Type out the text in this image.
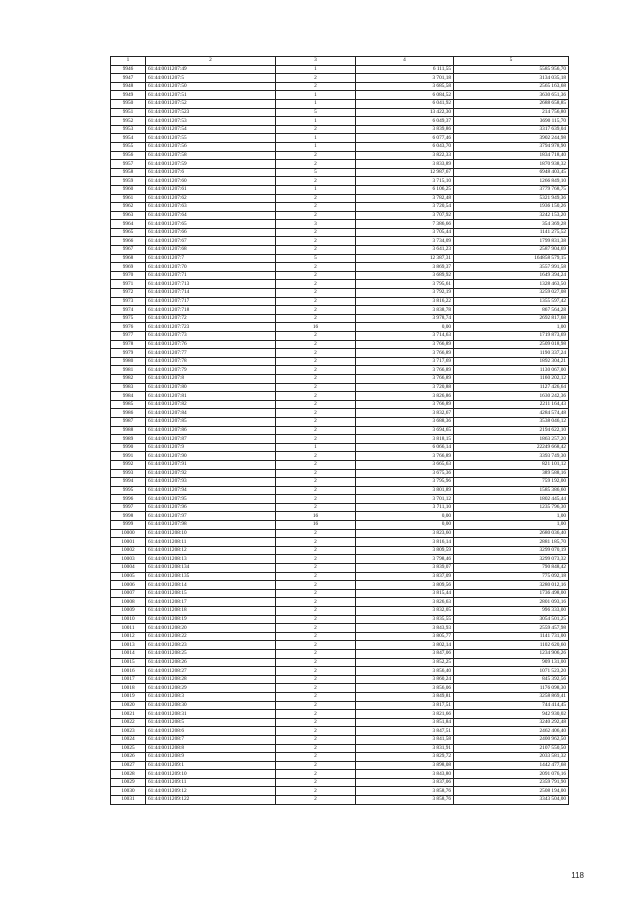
1	2	3	4	5
9946	61:44:0011207:49	1	6 111,55	5585 956,70
9947	61:44:0011207:5	2	3 701,18	3134 035,18
9948	61:44:0011207:50	2	3 685,58	2565 163,68
9949	61:44:0011207:51	1	6 084,52	3630 651,36
9950	61:44:0011207:52	1	6 041,92	2688 658,85
9951	61:44:0011207:523	5	13 422,30	214 756,80
9952	61:44:0011207:53	1	6 049,37	3690 115,70
9953	61:44:0011207:54	2	3 839,86	3317 639,04
9954	61:44:0011207:55	1	6 077,46	3902 244,98
9955	61:44:0011207:56	1	6 043,70	3794 978,90
9956	61:44:0011207:58	2	3 822,33	1834 718,40
9957	61:44:0011207:59	2	3 833,89	1870 938,32
9958	61:44:0011207:6	5	12 987,67	6948 403,45
9959	61:44:0011207:60	2	3 715,10	1266 849,10
9960	61:44:0011207:61	1	6 106,25	3779 768,75
9961	61:44:0011207:62	2	3 782,48	5321 949,36
9962	61:44:0011207:63	2	3 720,54	1936 150,26
9963	61:44:0011207:64	2	3 707,92	3242 153,20
9964	61:44:0011207:65	3	7 386,66	354 369,28
9965	61:44:0011207:66	2	3 705,44	1141 275,52
9966	61:44:0011207:67	2	3 734,09	1799 831,38
9967	61:44:0011207:68	2	3 641,23	2587 904,69
9968	61:44:0011207:7	5	12 387,31	164858 579,15
9969	61:44:0011207:70	2	3 869,37	3557 991,58
9970	61:44:0011207:71	2	3 689,92	1649 394,24
9971	61:44:0011207:713	2	3 795,61	1328 463,50
9972	61:44:0011207:714	2	3 792,19	3259 027,08
9973	61:44:0011207:717	2	3 816,22	1355 597,42
9974	61:44:0011207:718	2	3 838,78	867 564,28
9975	61:44:0011207:72	2	3 978,74	2692 817,68
9976	61:44:0011207:723	16	0,00	1,00
9977	61:44:0011207:73	2	3 714,63	1719 873,69
9978	61:44:0011207:76	2	3 766,89	2509 018,98
9979	61:44:0011207:77	2	3 766,89	1190 337,24
9980	61:44:0011207:78	2	3 717,69	1892 304,21
9981	61:44:0011207:79	2	3 766,89	1130 067,00
9982	61:44:0011207:8	2	3 766,89	1160 202,12
9983	61:44:0011207:80	2	3 720,88	1127 426,64
9984	61:44:0011207:81	2	3 826,86	1630 242,36
9985	61:44:0011207:82	2	3 766,89	2211 164,43
9986	61:44:0011207:84	2	3 832,67	4284 574,48
9987	61:44:0011207:85	2	3 688,36	3538 046,12
9988	61:44:0011207:86	2	3 694,65	2194 622,10
9989	61:44:0011207:87	2	3 818,15	1863 257,20
9990	61:44:0011207:9	1	6 066,14	22249 668,42
9991	61:44:0011207:90	2	3 766,89	3393 749,30
9992	61:44:0011207:91	2	3 665,63	821 101,12
9993	61:44:0011207:92	2	3 675,36	389 588,16
9994	61:44:0011207:93	2	3 795,96	759 192,00
9995	61:44:0011207:94	2	3 801,89	1585 386,60
9996	61:44:0011207:95	2	3 701,12	1802 445,44
9997	61:44:0011207:96	2	3 711,10	1235 796,30
9998	61:44:0011207:97	16	0,00	1,00
9999	61:44:0011207:98	16	0,00	1,00
10000	61:44:0011208:10	2	3 823,60	2680 036,40
10001	61:44:0011208:11	2	3 816,14	2881 185,70
10002	61:44:0011208:12	2	3 809,59	3299 070,19
10003	61:44:0011208:13	2	3 798,46	3299 073,32
10004	61:44:0011208:134	2	3 839,07	790 848,42
10005	61:44:0011208:135	2	3 837,09	775 092,18
10006	61:44:0011208:14	2	3 809,56	3280 012,16
10007	61:44:0011208:15	2	3 815,44	1736 498,00
10008	61:44:0011208:17	2	3 826,63	2801 093,16
10009	61:44:0011208:18	2	3 832,05	996 333,00
10010	61:44:0011208:19	2	3 835,55	3054 501,25
10011	61:44:0011208:20	2	3 843,93	2559 457,98
10012	61:44:0011208:22	2	3 805,77	1141 731,00
10013	61:44:0011208:23	2	3 802,14	1102 620,60
10014	61:44:0011208:25	2	3 847,06	1234 906,26
10015	61:44:0011208:26	2	3 852,25	909 131,00
10016	61:44:0011208:27	2	3 856,40	1071 523,20
10017	61:44:0011208:28	2	3 860,24	845 392,56
10018	61:44:0011208:29	2	3 856,06	1176 098,30
10019	61:44:0011208:3	2	3 849,81	3258 869,41
10020	61:44:0011208:30	2	3 817,51	744 414,45
10021	61:44:0011208:31	2	3 821,66	942 930,02
10022	61:44:0011208:5	2	3 851,84	3240 292,48
10023	61:44:0011208:6	2	3 847,51	2462 406,40
10024	61:44:0011208:7	2	3 841,58	2400 962,50
10025	61:44:0011208:8	2	3 831,91	2107 550,50
10026	61:44:0011208:9	2	3 829,72	2033 581,32
10027	61:44:0011209:1	2	3 898,08	1442 477,68
10028	61:44:0011209:10	2	3 843,80	2091 076,16
10029	61:44:0011209:11	2	3 837,06	2359 791,90
10030	61:44:0011209:12	2	3 858,76	2508 194,00
10031	61:44:0011209:122	2	3 858,76	3343 504,00
118
